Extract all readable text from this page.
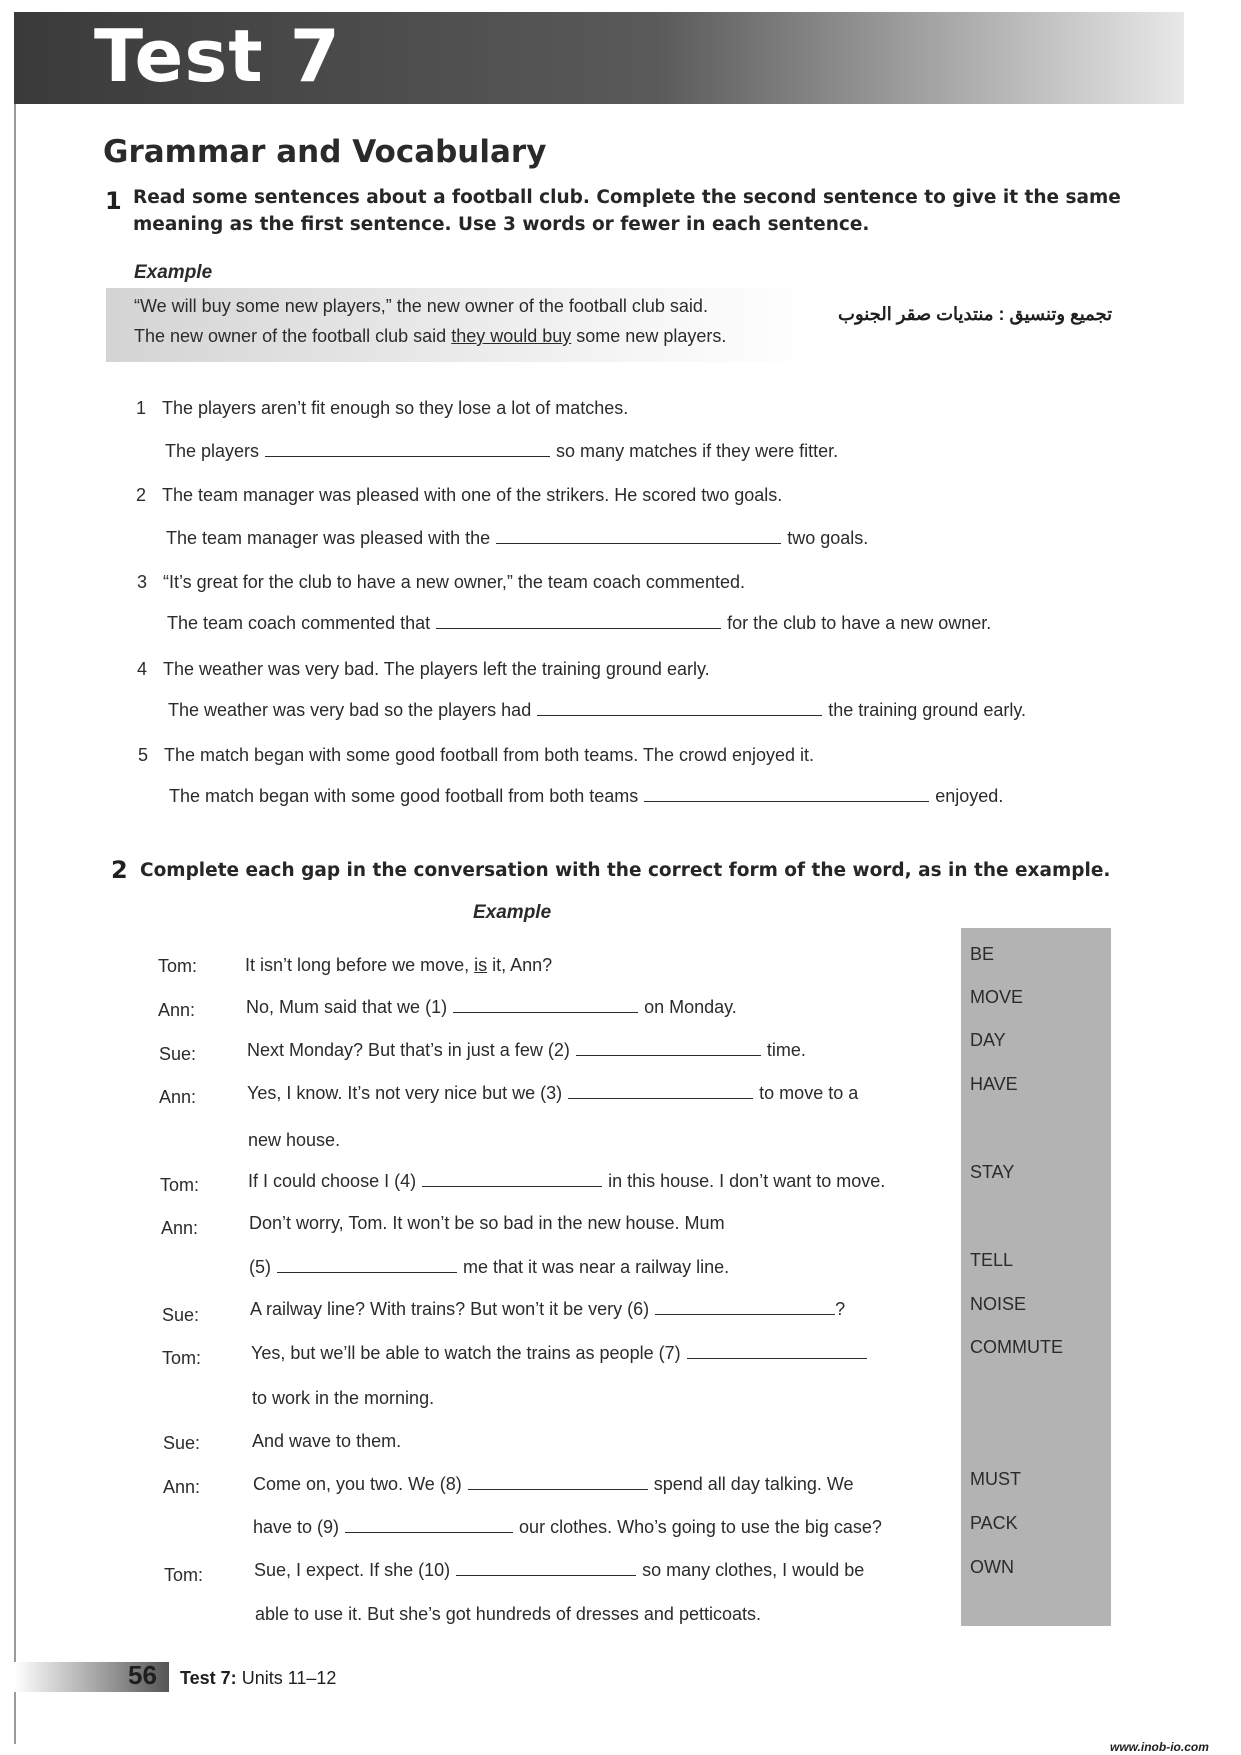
Test 7
Grammar and Vocabulary
1 Read some sentences about a football club. Complete the second sentence to give it the same
meaning as the first sentence. Use 3 words or fewer in each sentence.
Example
“We will buy some new players,” the new owner of the football club said.
The new owner of the football club said they would buy some new players.
تجميع وتنسيق : منتديات صقر الجنوب
1 The players aren’t fit enough so they lose a lot of matches.
The players	so many matches if they were fitter.
2 The team manager was pleased with one of the strikers. He scored two goals.
The team manager was pleased with the	two goals.
3 “It’s great for the club to have a new owner,” the team coach commented.
The team coach commented that	for the club to have a new owner.
4 The weather was very bad. The players left the training ground early.
The weather was very bad so the players had	the training ground early.
5 The match began with some good football from both teams. The crowd enjoyed it.
The match began with some good football from both teams	enjoyed.
2 Complete each gap in the conversation with the correct form of the word, as in the example.
Example
Tom:	It isn’t long before we move, is it, Ann?
Ann:	No, Mum said that we (1)	on Monday.
Sue:	Next Monday? But that’s in just a few (2)	time.
Ann:	Yes, I know. It’s not very nice but we (3)	to move to a
new house.
Tom:	If I could choose I (4)	in this house. I don’t want to move.
Ann:	Don’t worry, Tom. It won’t be so bad in the new house. Mum
(5)	me that it was near a railway line.
Sue:	A railway line? With trains? But won’t it be very (6)	?
Tom:	Yes, but we’ll be able to watch the trains as people (7)
to work in the morning.
Sue:	And wave to them.
Ann:	Come on, you two. We (8)	spend all day talking. We
have to (9)	our clothes. Who’s going to use the big case?
Tom:	Sue, I expect. If she (10)	so many clothes, I would be
able to use it. But she’s got hundreds of dresses and petticoats.
BE
MOVE
DAY
HAVE
STAY
TELL
NOISE
COMMUTE
MUST
PACK
OWN
56 Test 7: Units 11–12
www.inob-io.com
